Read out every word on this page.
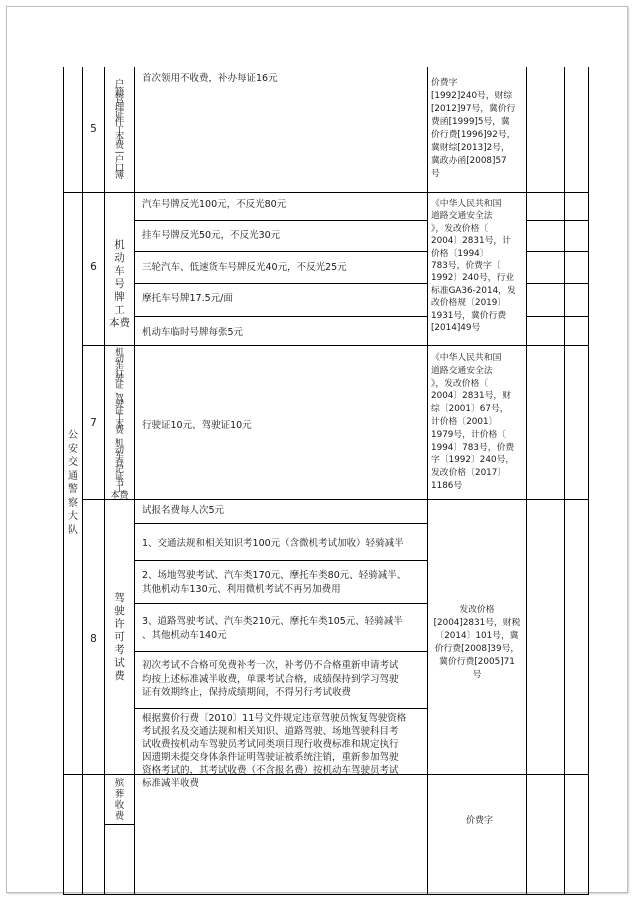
5
户
籍
管
理
证
件
工
本
费
—
户
口
簿
首次领用不收费，补办每证16元	价费字
[1992]240号，财综
[2012]97号，冀价行
费函[1999]5号，冀
价行费[1996]92号，
冀财综[2013]2号，
冀政办函[2008]57
号
公
安
交
通
警
察
大
队
6
机
动
车
号
牌
工
本费
汽车号牌反光100元，不反光80元
挂车号牌反光50元，不反光30元
三轮汽车、低速货车号牌反光40元，不反光25元
摩托车号牌17.5元/面
机动车临时号牌每张5元
《中华人民共和国
道路交通安全法
》，发改价格〔
2004〕2831号，计
价格〔1994〕
783号，价费字〔
1992〕240号，行业
标准GA36-2014，发
改价格规〔2019〕
1931号，冀价行费
[2014]49号
7
机
动
车
行
驶
证
、
驾
驶
证
工
本
费
、
机
动
车
登
记
证
书
工
本费
行驶证10元、驾驶证10元
《中华人民共和国
道路交通安全法
》，发改价格〔
2004〕2831号，财
综〔2001〕67号，
计价格〔2001〕
1979号，计价格〔
1994〕783号，价费
字〔1992〕240号，
发改价格〔2017〕
1186号
8
驾
驶
许
可
考
试
费
试报名费每人次5元
1、交通法规和相关知识考100元（含微机考试加收）轻骑减半
2、场地驾驶考试、汽车类170元、摩托车类80元、轻骑减半、
其他机动车130元、利用微机考试不再另加费用
3、道路驾驶考试、汽车类210元、摩托车类105元、轻骑减半
、其他机动车140元
初次考试不合格可免费补考一次，补考仍不合格重新申请考试
均按上述标准减半收费，单课考试合格，成绩保持到学习驾驶
证有效期终止，保持成绩期间，不得另行考试收费
根据冀价行费〔2010〕11号文件规定违章驾驶员恢复驾驶资格
考试报名及交通法规和相关知识、道路驾驶、场地驾驶科目考
试收费按机动车驾驶员考试同类项目现行收费标准和规定执行
因遗期未提交身体条件证明驾驶证被系统注销，重新参加驾驶
资格考试的，其考试收费（不含报名费）按机动车驾驶员考试
标准减半收费
发改价格
[2004]2831号，财税
〔2014〕101号，冀
价行费[2008]39号，
冀价行费[2005]71
号
殡
葬
收
费	价费字
